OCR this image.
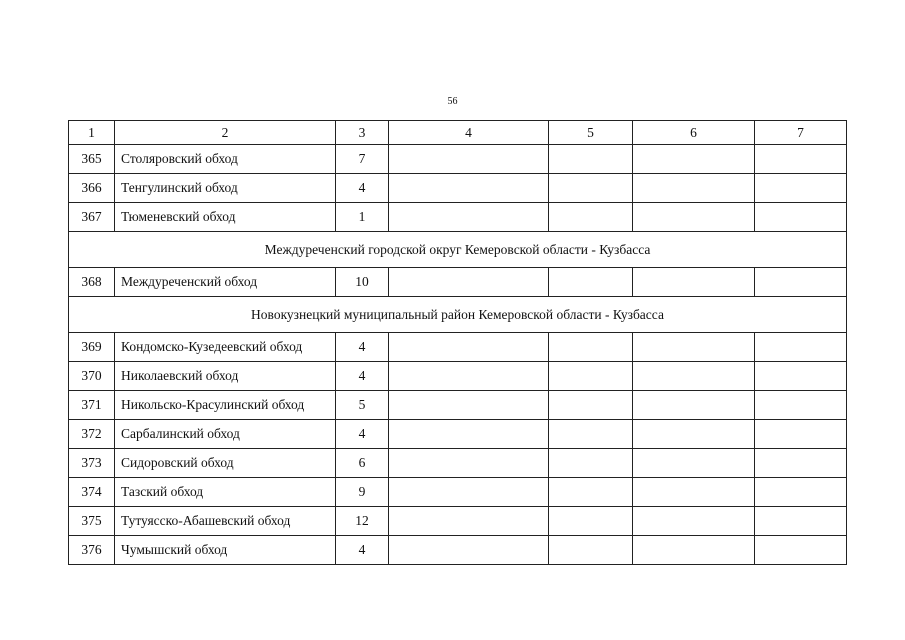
56
1	2	3	4	5	6	7
365	Столяровский обход	7				
366	Тенгулинский обход	4				
367	Тюменевский обход	1				
Междуреченский городской округ Кемеровской области - Кузбасса						
368	Междуреченский обход	10				
Новокузнецкий муниципальный район Кемеровской области - Кузбасса						
369	Кондомско-Кузедеевский обход	4				
370	Николаевский обход	4				
371	Никольско-Красулинский обход	5				
372	Сарбалинский обход	4				
373	Сидоровский обход	6				
374	Тазский обход	9				
375	Тутуясско-Абашевский обход	12				
376	Чумышский обход	4				
